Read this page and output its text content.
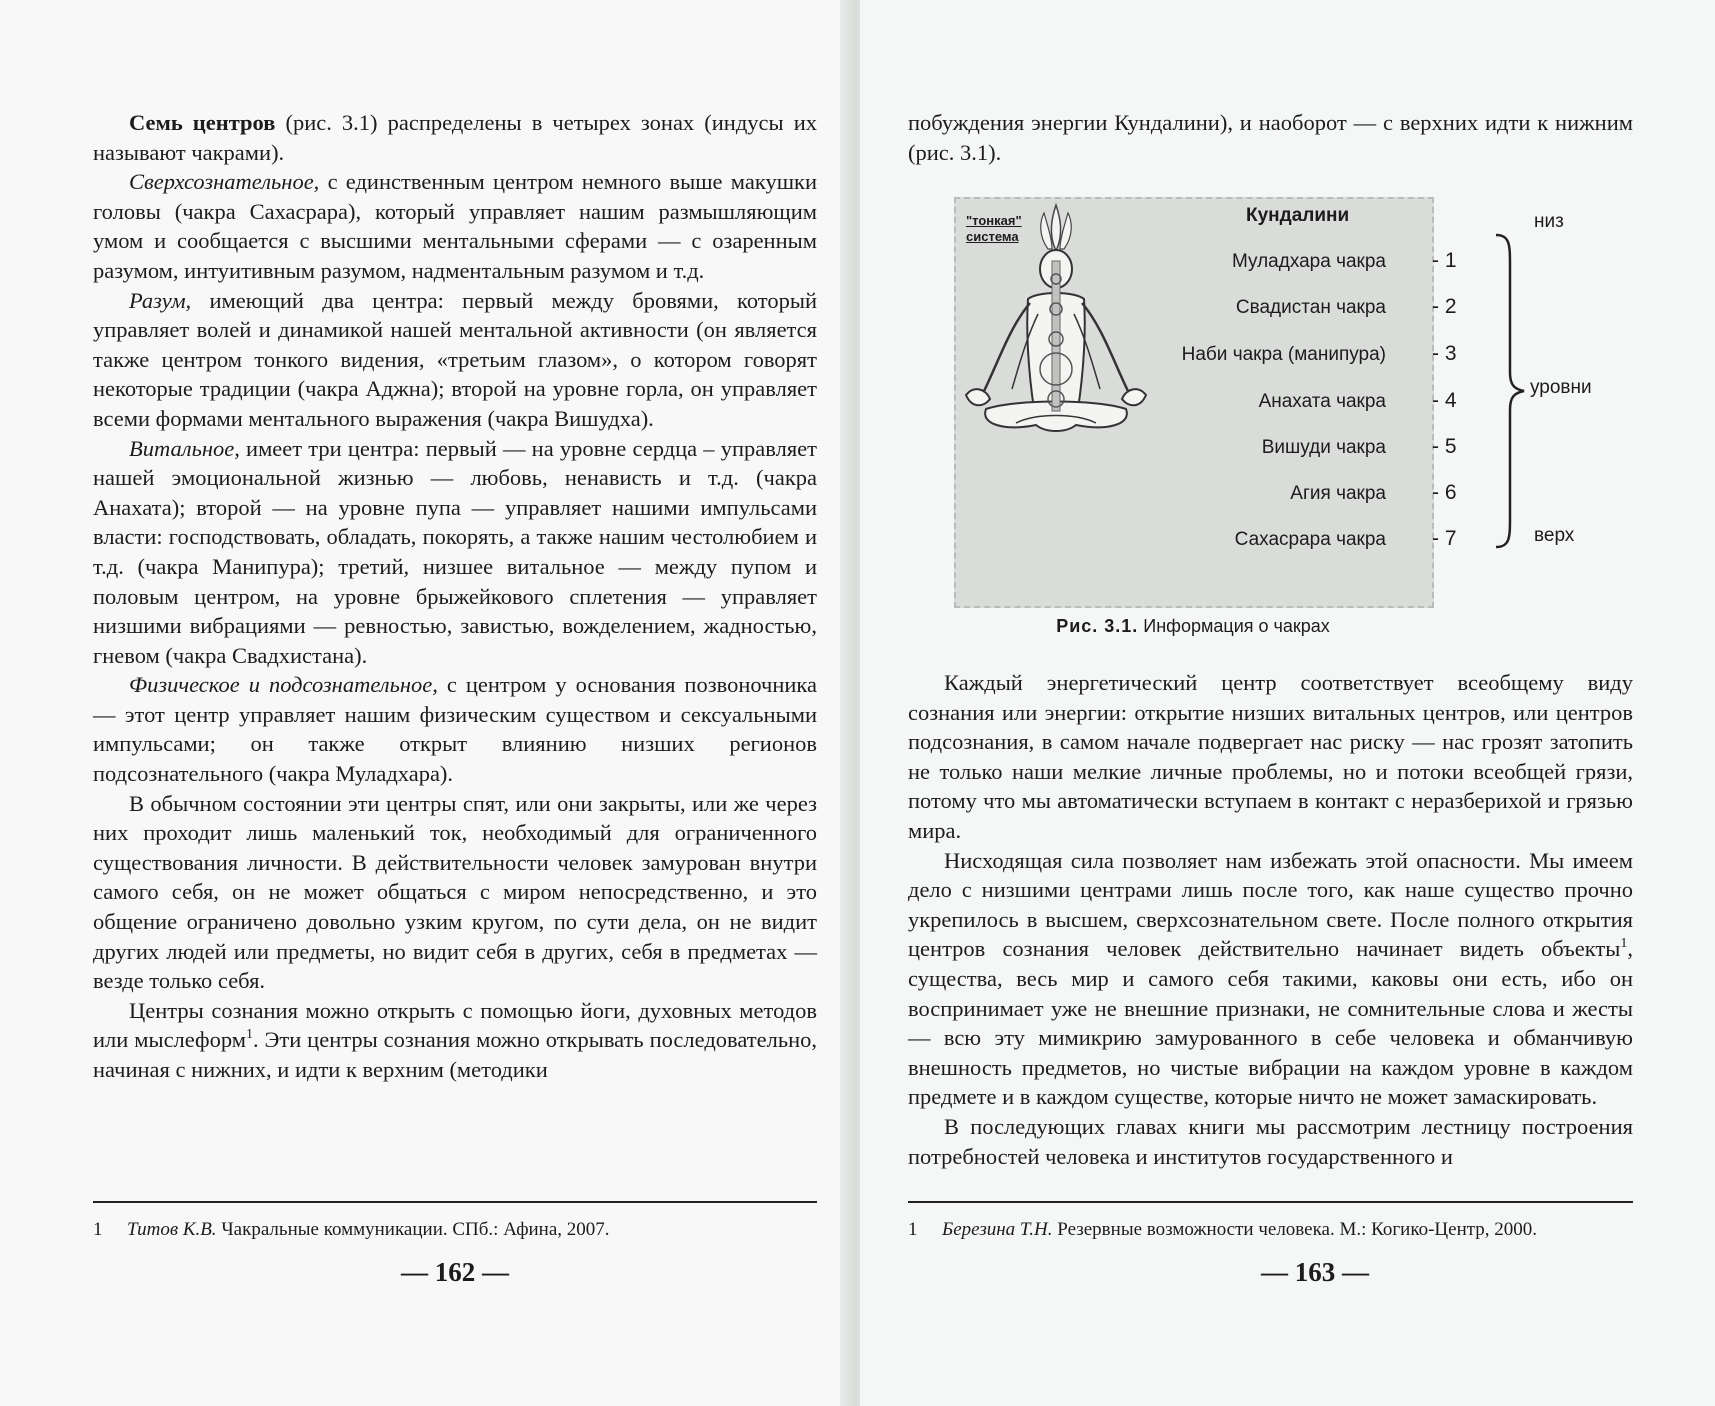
Семь центров (рис. 3.1) распределены в четырех зонах (индусы их называют чакрами).

Сверхсознательное, с единственным центром немного выше макушки головы (чакра Сахасрара), который управляет нашим размышляющим умом и сообщается с высшими ментальными сферами — с озаренным разумом, интуитивным разумом, надментальным разумом и т.д.

Разум, имеющий два центра: первый между бровями, который управляет волей и динамикой нашей ментальной активности (он является также центром тонкого видения, «третьим глазом», о котором говорят некоторые традиции (чакра Аджна); второй на уровне горла, он управляет всеми формами ментального выражения (чакра Вишудха).

Витальное, имеет три центра: первый — на уровне сердца – управляет нашей эмоциональной жизнью — любовь, ненависть и т.д. (чакра Анахата); второй — на уровне пупа — управляет нашими импульсами власти: господствовать, обладать, покорять, а также нашим честолюбием и т.д. (чакра Манипура); третий, низшее витальное — между пупом и половым центром, на уровне брыжейкового сплетения — управляет низшими вибрациями — ревностью, завистью, вожделением, жадностью, гневом (чакра Свадхистана).

Физическое и подсознательное, с центром у основания позвоночника — этот центр управляет нашим физическим существом и сексуальными импульсами; он также открыт влиянию низших регионов подсознательного (чакра Муладхара).

В обычном состоянии эти центры спят, или они закрыты, или же через них проходит лишь маленький ток, необходимый для ограниченного существования личности. В действительности человек замурован внутри самого себя, он не может общаться с миром непосредственно, и это общение ограничено довольно узким кругом, по сути дела, он не видит других людей или предметы, но видит себя в других, себя в предметах — везде только себя.

Центры сознания можно открыть с помощью йоги, духовных методов или мыслеформ$^1$. Эти центры сознания можно открывать последовательно, начиная с нижних, и идти к верхним (методики

1 Титов К.В. Чакральные коммуникации. СПб.: Афина, 2007.
— 162 —

побуждения энергии Кундалини), и наоборот — с верхних идти к нижним (рис. 3.1).

"тонкая"
система
Кундалини
Муладхара чакра - 1
Свадистан чакра - 2
Наби чакра (манипура) - 3
Анахата чакра - 4
Вишуди чакра - 5
Агия чакра - 6
Сахасрара чакра - 7
низ
уровни
верх
Рис. 3.1. Информация о чакрах

Каждый энергетический центр соответствует всеобщему виду сознания или энергии: открытие низших витальных центров, или центров подсознания, в самом начале подвергает нас риску — нас грозят затопить не только наши мелкие личные проблемы, но и потоки всеобщей грязи, потому что мы автоматически вступаем в контакт с неразберихой и грязью мира.

Нисходящая сила позволяет нам избежать этой опасности. Мы имеем дело с низшими центрами лишь после того, как наше существо прочно укрепилось в высшем, сверхсознательном свете. После полного открытия центров сознания человек действительно начинает видеть объекты$^1$, существа, весь мир и самого себя такими, каковы они есть, ибо он воспринимает уже не внешние признаки, не сомнительные слова и жесты — всю эту мимикрию замурованного в себе человека и обманчивую внешность предметов, но чистые вибрации на каждом уровне в каждом предмете и в каждом существе, которые ничто не может замаскировать.

В последующих главах книги мы рассмотрим лестницу построения потребностей человека и институтов государственного и

1 Березина Т.Н. Резервные возможности человека. М.: Когико-Центр, 2000.
— 163 —
